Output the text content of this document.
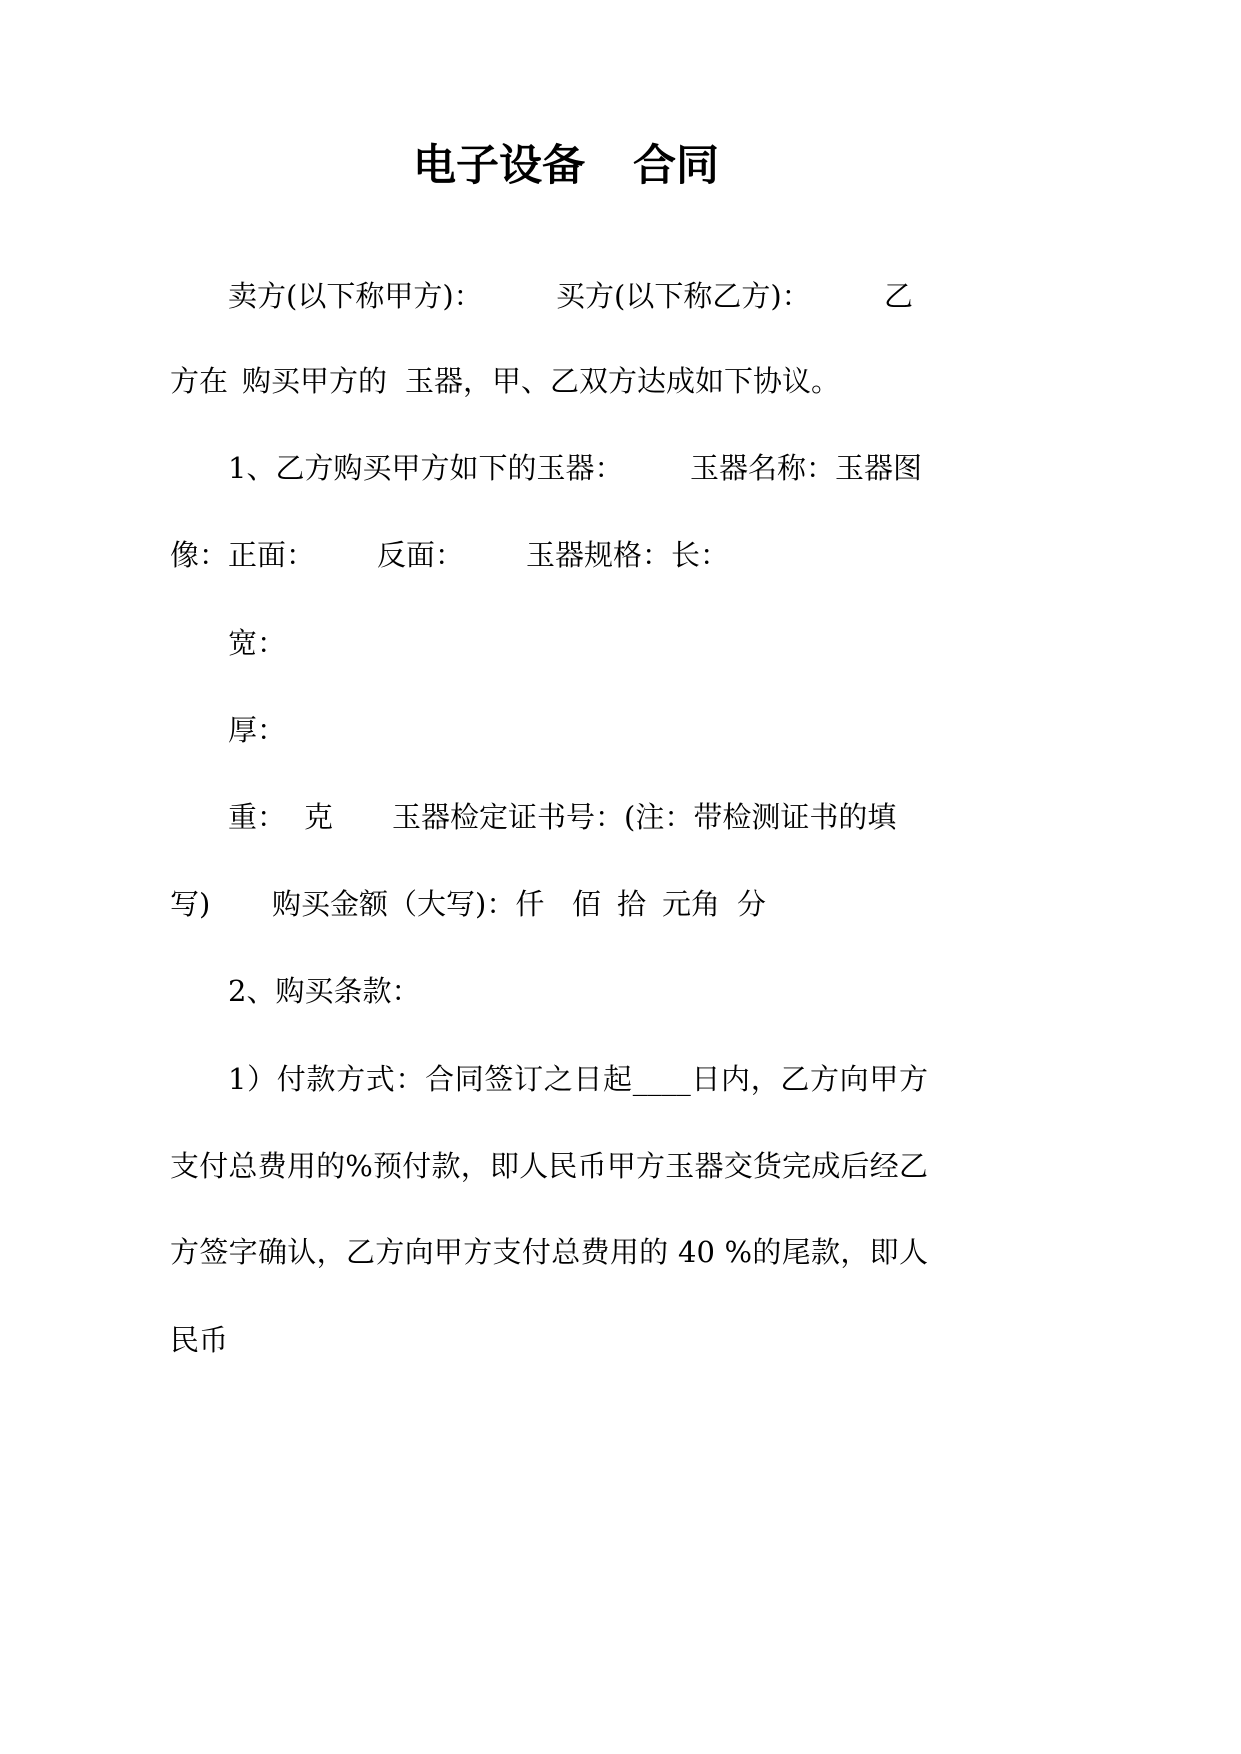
电子设备 合同
卖方(以下称甲方)：	买方(以下称乙方)：	乙
方在 购买甲方的 玉器，甲、乙双方达成如下协议。
1、乙方购买甲方如下的玉器： 玉器名称：玉器图
像：正面： 反面： 玉器规格：长：
宽：
厚：
重： 克 玉器检定证书号：(注：带检测证书的填
写) 购买金额（大写)：仟 佰 拾 元角 分
2、购买条款：
1）付款方式：合同签订之日起____日内，乙方向甲方
支付总费用的%预付款，即人民币甲方玉器交货完成后经乙
方签字确认，乙方向甲方支付总费用的 40 %的尾款，即人
民币
